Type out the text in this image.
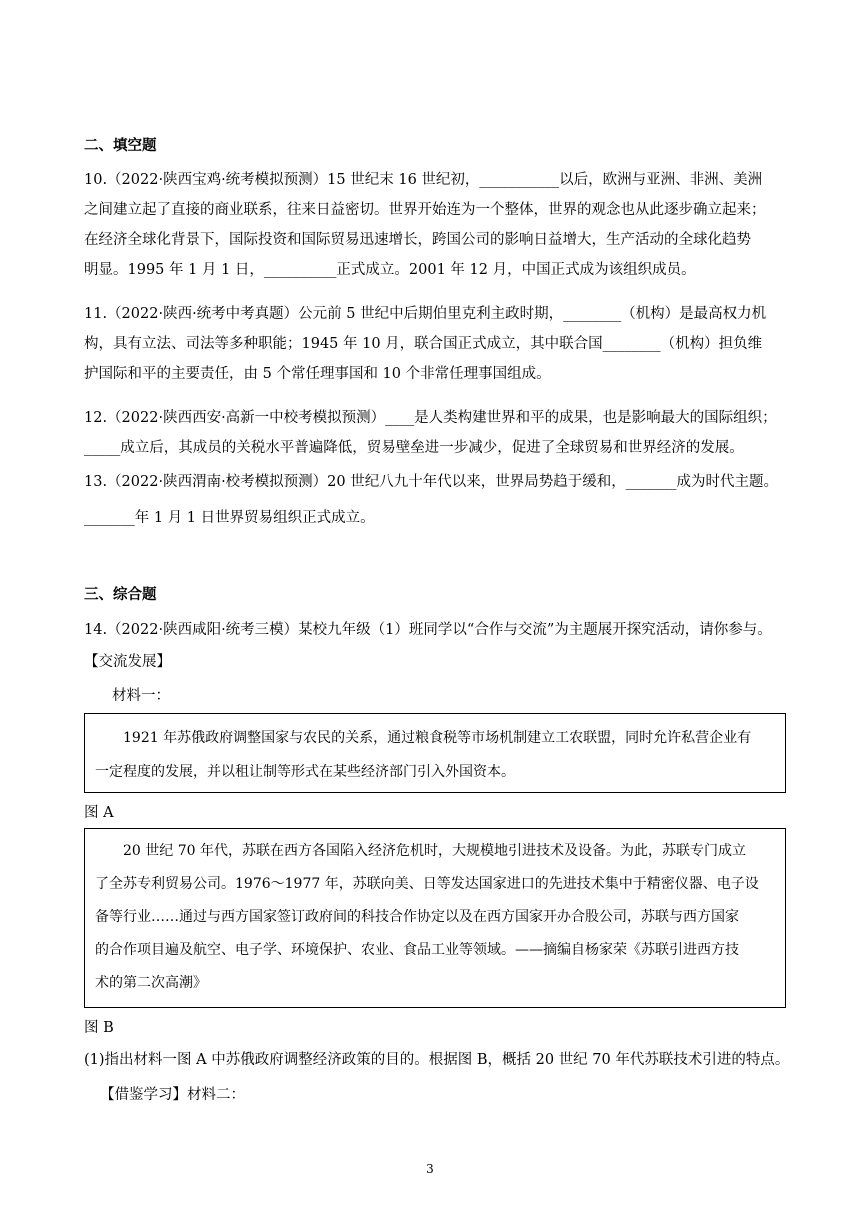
二、填空题
10.（2022·陕西宝鸡·统考模拟预测）15 世纪末 16 世纪初，___________以后，欧洲与亚洲、非洲、美洲
之间建立起了直接的商业联系，往来日益密切。世界开始连为一个整体，世界的观念也从此逐步确立起来；
在经济全球化背景下，国际投资和国际贸易迅速增长，跨国公司的影响日益增大，生产活动的全球化趋势
明显。1995 年 1 月 1 日，__________正式成立。2001 年 12 月，中国正式成为该组织成员。
11.（2022·陕西·统考中考真题）公元前 5 世纪中后期伯里克利主政时期，________（机构）是最高权力机
构，具有立法、司法等多种职能；1945 年 10 月，联合国正式成立，其中联合国________（机构）担负维
护国际和平的主要责任，由 5 个常任理事国和 10 个非常任理事国组成。
12.（2022·陕西西安·高新一中校考模拟预测）____是人类构建世界和平的成果，也是影响最大的国际组织；
_____成立后，其成员的关税水平普遍降低，贸易壁垒进一步减少，促进了全球贸易和世界经济的发展。
13.（2022·陕西渭南·校考模拟预测）20 世纪八九十年代以来，世界局势趋于缓和，_______成为时代主题。
_______年 1 月 1 日世界贸易组织正式成立。
三、综合题
14.（2022·陕西咸阳·统考三模）某校九年级（1）班同学以“合作与交流”为主题展开探究活动，请你参与。
【交流发展】
材料一：
　　1921 年苏俄政府调整国家与农民的关系，通过粮食税等市场机制建立工农联盟，同时允许私营企业有
一定程度的发展，并以租让制等形式在某些经济部门引入外国资本。
图 A
　　20 世纪 70 年代，苏联在西方各国陷入经济危机时，大规模地引进技术及设备。为此，苏联专门成立
了全苏专利贸易公司。1976～1977 年，苏联向美、日等发达国家进口的先进技术集中于精密仪器、电子设
备等行业……通过与西方国家签订政府间的科技合作协定以及在西方国家开办合股公司，苏联与西方国家
的合作项目遍及航空、电子学、环境保护、农业、食品工业等领域。——摘编自杨家荣《苏联引进西方技
术的第二次高潮》
图 B
(1)指出材料一图 A 中苏俄政府调整经济政策的目的。根据图 B，概括 20 世纪 70 年代苏联技术引进的特点。
【借鉴学习】材料二：
3
